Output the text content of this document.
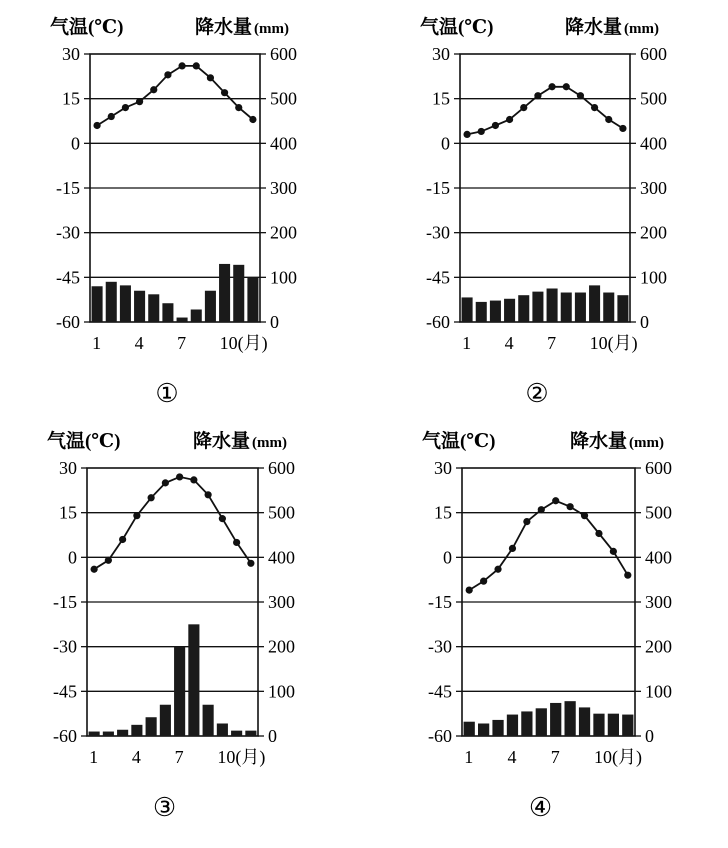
气温(℃)	降水量 (mm)
30
15
0
-15
-30
-45
-60
600
500
400
300
200
100
0
1 4 7 10(月)
①
气温(℃)	降水量 (mm)
30
15
0
-15
-30
-45
-60
600
500
400
300
200
100
0
1 4 7 10(月)
②
气温(℃)	降水量 (mm)
30
15
0
-15
-30
-45
-60
600
500
400
300
200
100
0
1 4 7 10(月)
③
气温(℃)	降水量 (mm)
30
15
0
-15
-30
-45
-60
600
500
400
300
200
100
0
1 4 7 10(月)
④
